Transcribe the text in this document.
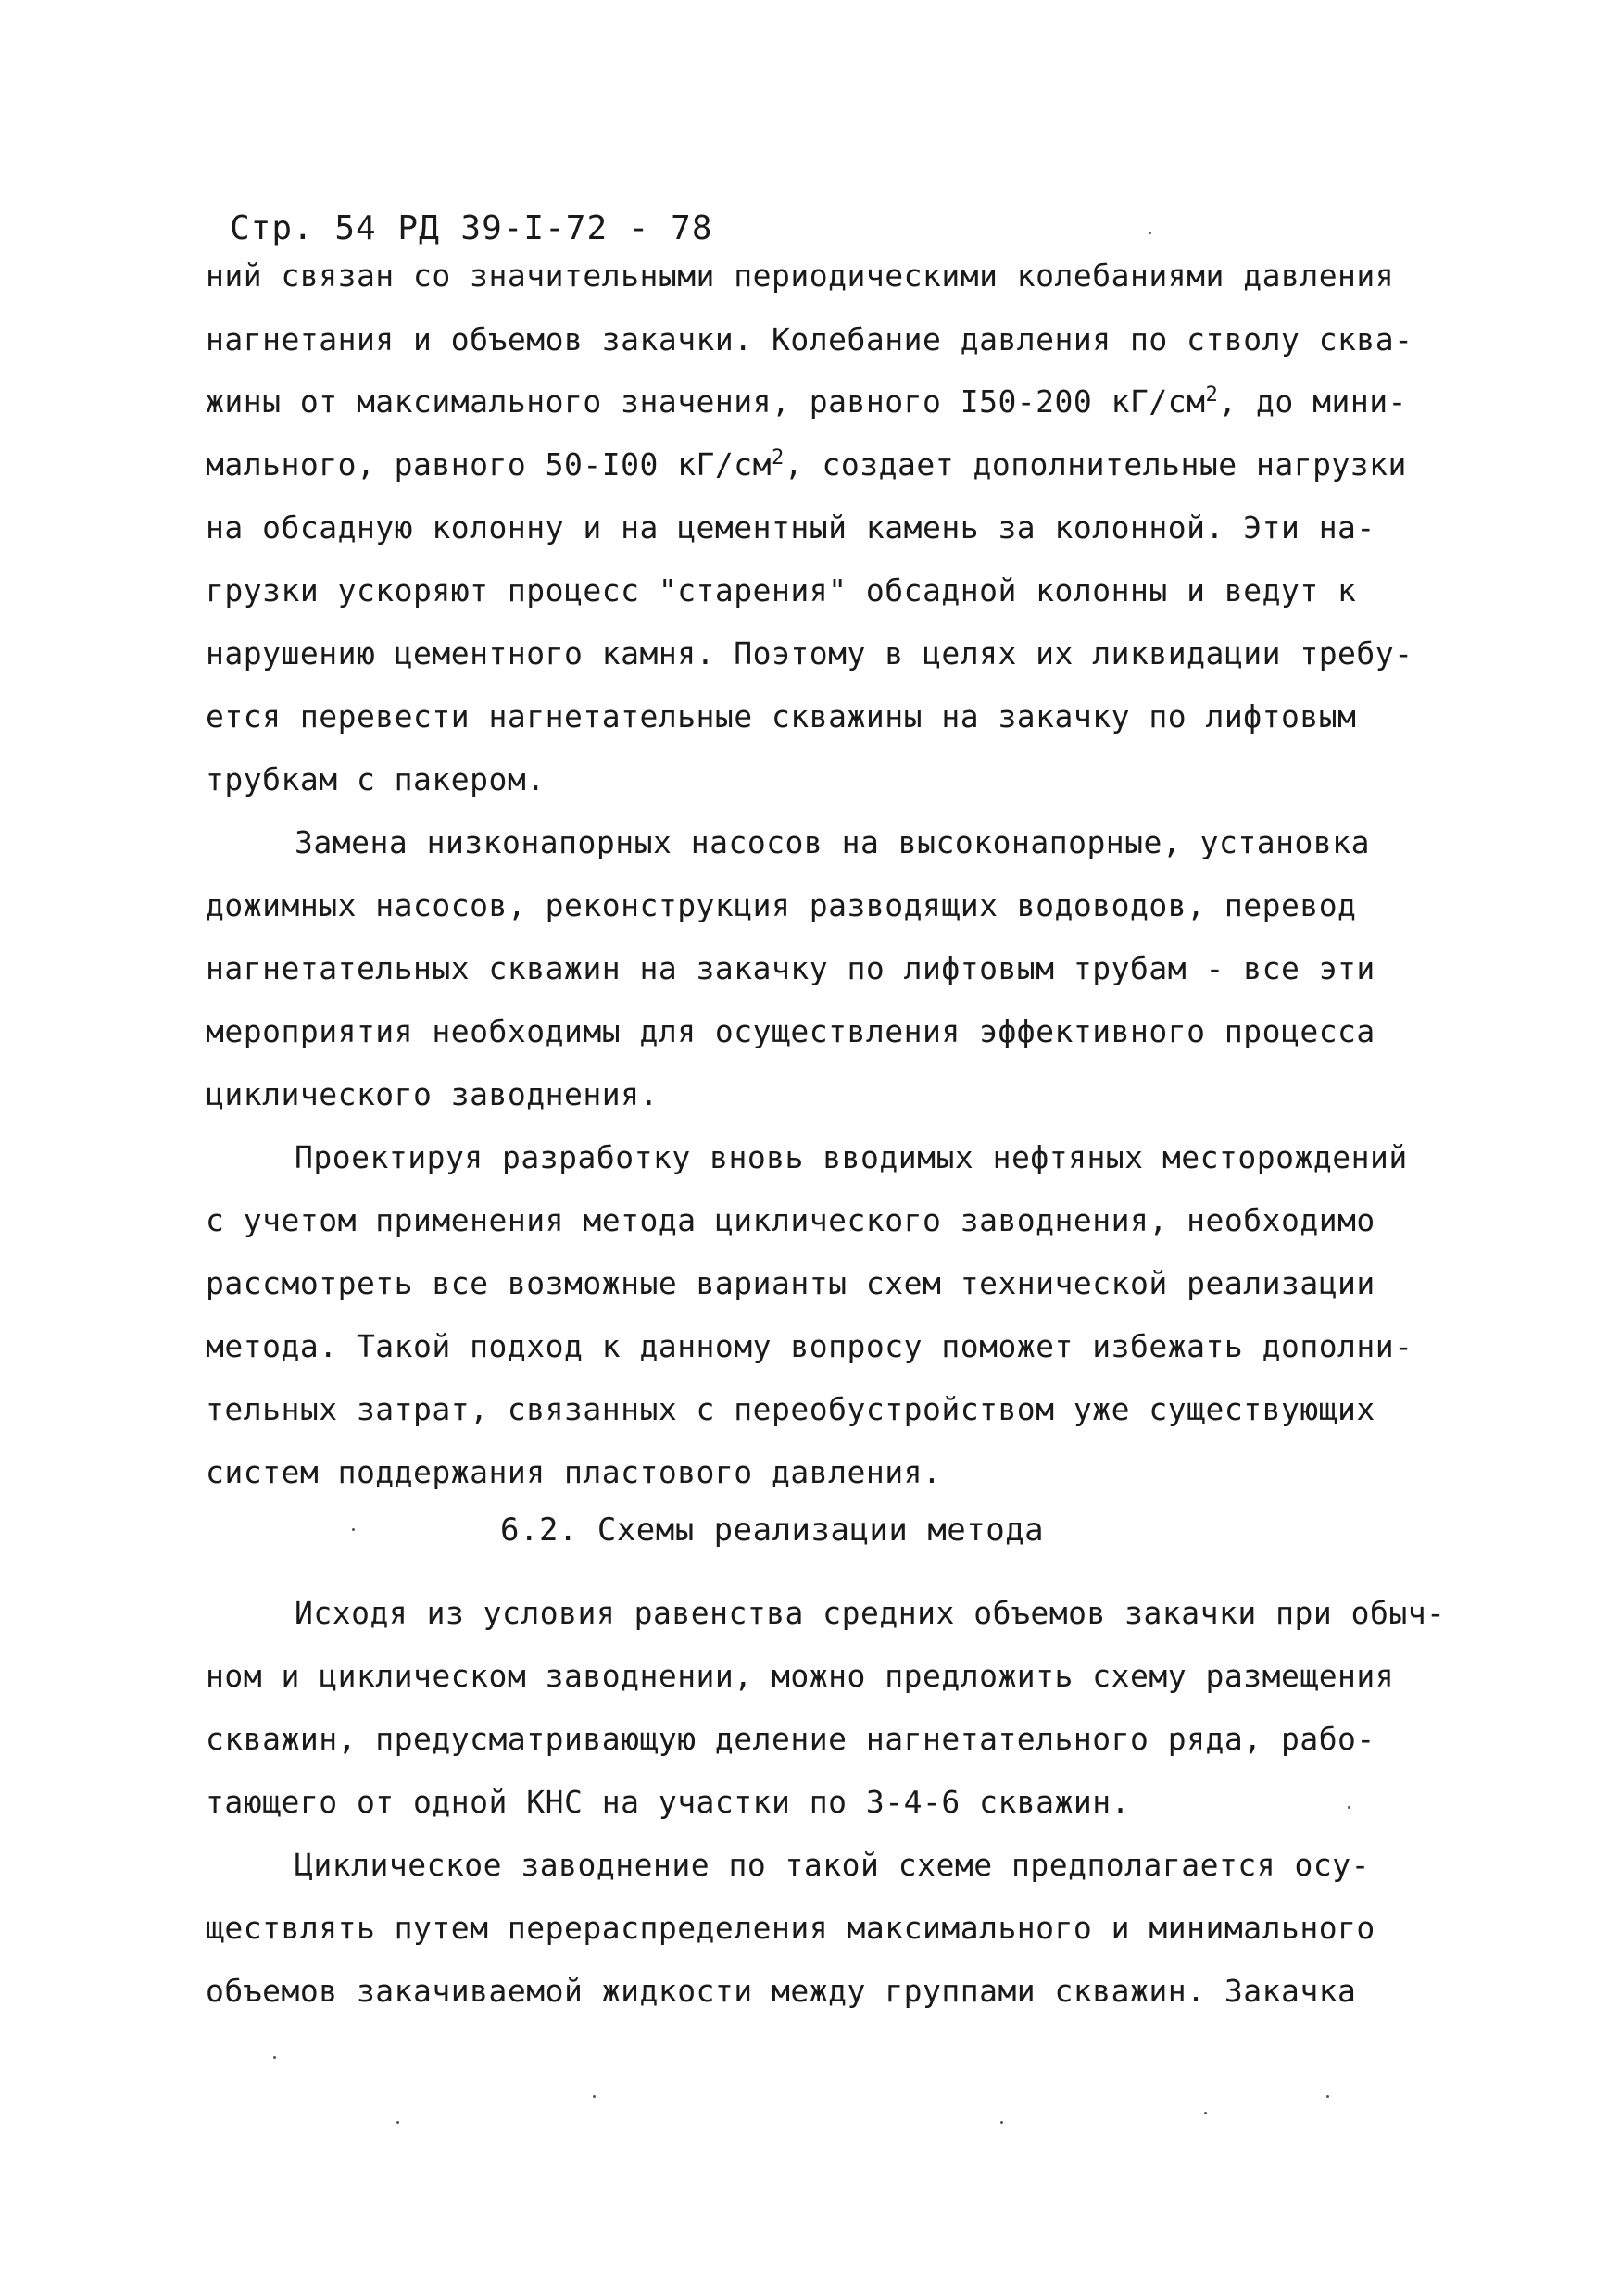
Стр. 54 РД 39-I-72 - 78
ний связан со значительными периодическими колебаниями давления
нагнетания и объемов закачки. Колебание давления по стволу сква-
жины от максимального значения, равного I50-200 $кГ/см^2$, до мини-
мального, равного 50-I00 $кГ/см^2$, создает дополнительные нагрузки
на обсадную колонну и на цементный камень за колонной. Эти на-
грузки ускоряют процесс "старения" обсадной колонны и ведут к
нарушению цементного камня. Поэтому в целях их ликвидации требу-
ется перевести нагнетательные скважины на закачку по лифтовым
трубкам с пакером.
Замена низконапорных насосов на высоконапорные, установка
дожимных насосов, реконструкция разводящих водоводов, перевод
нагнетательных скважин на закачку по лифтовым трубам - все эти
мероприятия необходимы для осуществления эффективного процесса
циклического заводнения.
Проектируя разработку вновь вводимых нефтяных месторождений
с учетом применения метода циклического заводнения, необходимо
рассмотреть все возможные варианты схем технической реализации
метода. Такой подход к данному вопросу поможет избежать дополни-
тельных затрат, связанных с переобустройством уже существующих
систем поддержания пластового давления.
6.2. Схемы реализации метода
Исходя из условия равенства средних объемов закачки при обыч-
ном и циклическом заводнении, можно предложить схему размещения
скважин, предусматривающую деление нагнетательного ряда, рабо-
тающего от одной КНС на участки по 3-4-6 скважин.
Циклическое заводнение по такой схеме предполагается осу-
ществлять путем перераспределения максимального и минимального
объемов закачиваемой жидкости между группами скважин. Закачка
